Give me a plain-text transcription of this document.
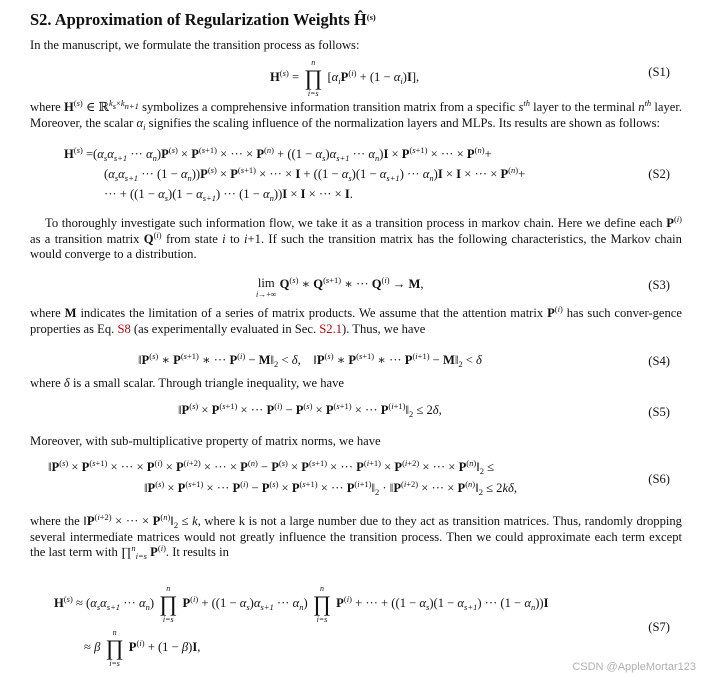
S2. Approximation of Regularization Weights $Ĥ^{(s)}$
In the manuscript, we formulate the transition process as follows:
$H^{(s)}$ =
n
∏
i=s
$[\alpha_iP^{(i)} + (1 - \alpha_i)I]$,	(S1)
where $H^{(s)}$ ∈ ℝ$^{k_s\times k_{n+1}}$ symbolizes a comprehensive information transition matrix from a specific $s^{th}$ layer to the terminal $n^{th}$ layer. Moreover, the scalar $\alpha_i$ signifies the scaling influence of the normalization layers and MLPs. Its results are shown as follows:
$H^{(s)} =(\alpha_s\alpha_{s+1}$ ··· $\alpha_n)P^{(s)} \times P^{(s+1)}$ × ··· × $P^{(n)} + ((1 - \alpha_s)\alpha_{s+1}$ ··· $\alpha_n)I \times P^{(s+1)}$ × ··· × $P^{(n)}+$
($\alpha_s\alpha_{s+1}$ ··· $(1 - \alpha_n))P^{(s)} \times P^{(s+1)}$ × ··· × $I + ((1 - \alpha_s)(1 - \alpha_{s+1})$ ··· $\alpha_n)I \times I$ × ··· × $P^{(n)}+$
··· + ($(1 - \alpha_s)(1 - \alpha_{s+1})$ ··· $(1 - \alpha_n))I \times I$ × ··· × I.
(S2)
To thoroughly investigate such information flow, we take it as a transition process in markov chain. Here we define each $P^{(i)}$ as a transition matrix $Q^{(i)}$ from state i to i+1. If such the transition matrix has the following characteristics, the Markov chain would converge to a distribution.
lim
$^{i\to+\infty}$ $Q^{(s)}$ ∗ $Q^{(s+1)}$ ∗ ··· $Q^{(i)} \to M$,	(S3)
where M indicates the limitation of a series of matrix products. We assume that the attention matrix $P^{(i)}$ has such conver-gence properties as Eq. S8 (as experimentally evaluated in Sec. S2.1). Thus, we have
$‖P^{(s)}$ ∗ $P^{(s+1)}$ ∗ ··· $P^{(i)}$ − $M‖_2 < \delta$,    $‖P^{(s)}$ ∗ $P^{(s+1)}$ ∗ ··· $P^{(i+1)}$ − $M‖_2 < \delta$	(S4)
where δ is a small scalar. Through triangle inequality, we have
$‖P^{(s)} \times P^{(s+1)}$ × ··· $P^{(i)} - P^{(s)} \times P^{(s+1)}$ × ··· $P^{(i+1)}‖_2 \le 2\delta$,	(S5)
Moreover, with sub-multiplicative property of matrix norms, we have
$‖P^{(s)} \times P^{(s+1)}$ × ··· × $P^{(i)} \times P^{(i+2)}$ × ··· × $P^{(n)} - P^{(s)} \times P^{(s+1)}$ × ··· $P^{(i+1)} \times P^{(i+2)}$ × ··· × $P^{(n)}‖_2$ ≤
$‖P^{(s)} \times P^{(s+1)}$ × ··· $P^{(i)} - P^{(s)} \times P^{(s+1)}$ × ··· $P^{(i+1)}‖_2$ · $‖P^{(i+2)}$ × ··· × $P^{(n)}‖_2 \le 2k\delta$,
(S6)
where the $‖P^{(i+2)}$ × ··· × $P^{(n)}‖_2 \le k$, where k is not a large number due to they act as transition matrices. Thus, randomly dropping several intermediate matrices would not greatly influence the transition process. Then we could approximate each term except the last term with ∏$^n_{i=s}$ $P^{(i)}$. It results in
$H^{(s)} \approx (\alpha_s\alpha_{s+1}$ ··· $\alpha_n$)
n
∏
i=s
$P^{(i)} + ((1 - \alpha_s)\alpha_{s+1}$ ··· $\alpha_n$)
n
∏
i=s
$P^{(i)}$ + ··· + ($(1 - \alpha_s)(1 - \alpha_{s+1})$ ··· $(1 - \alpha_n))I$
≈ β
n
∏
i=s
$P^{(i)} + (1 - \beta)I$,
(S7)
CSDN @AppleMortar123
